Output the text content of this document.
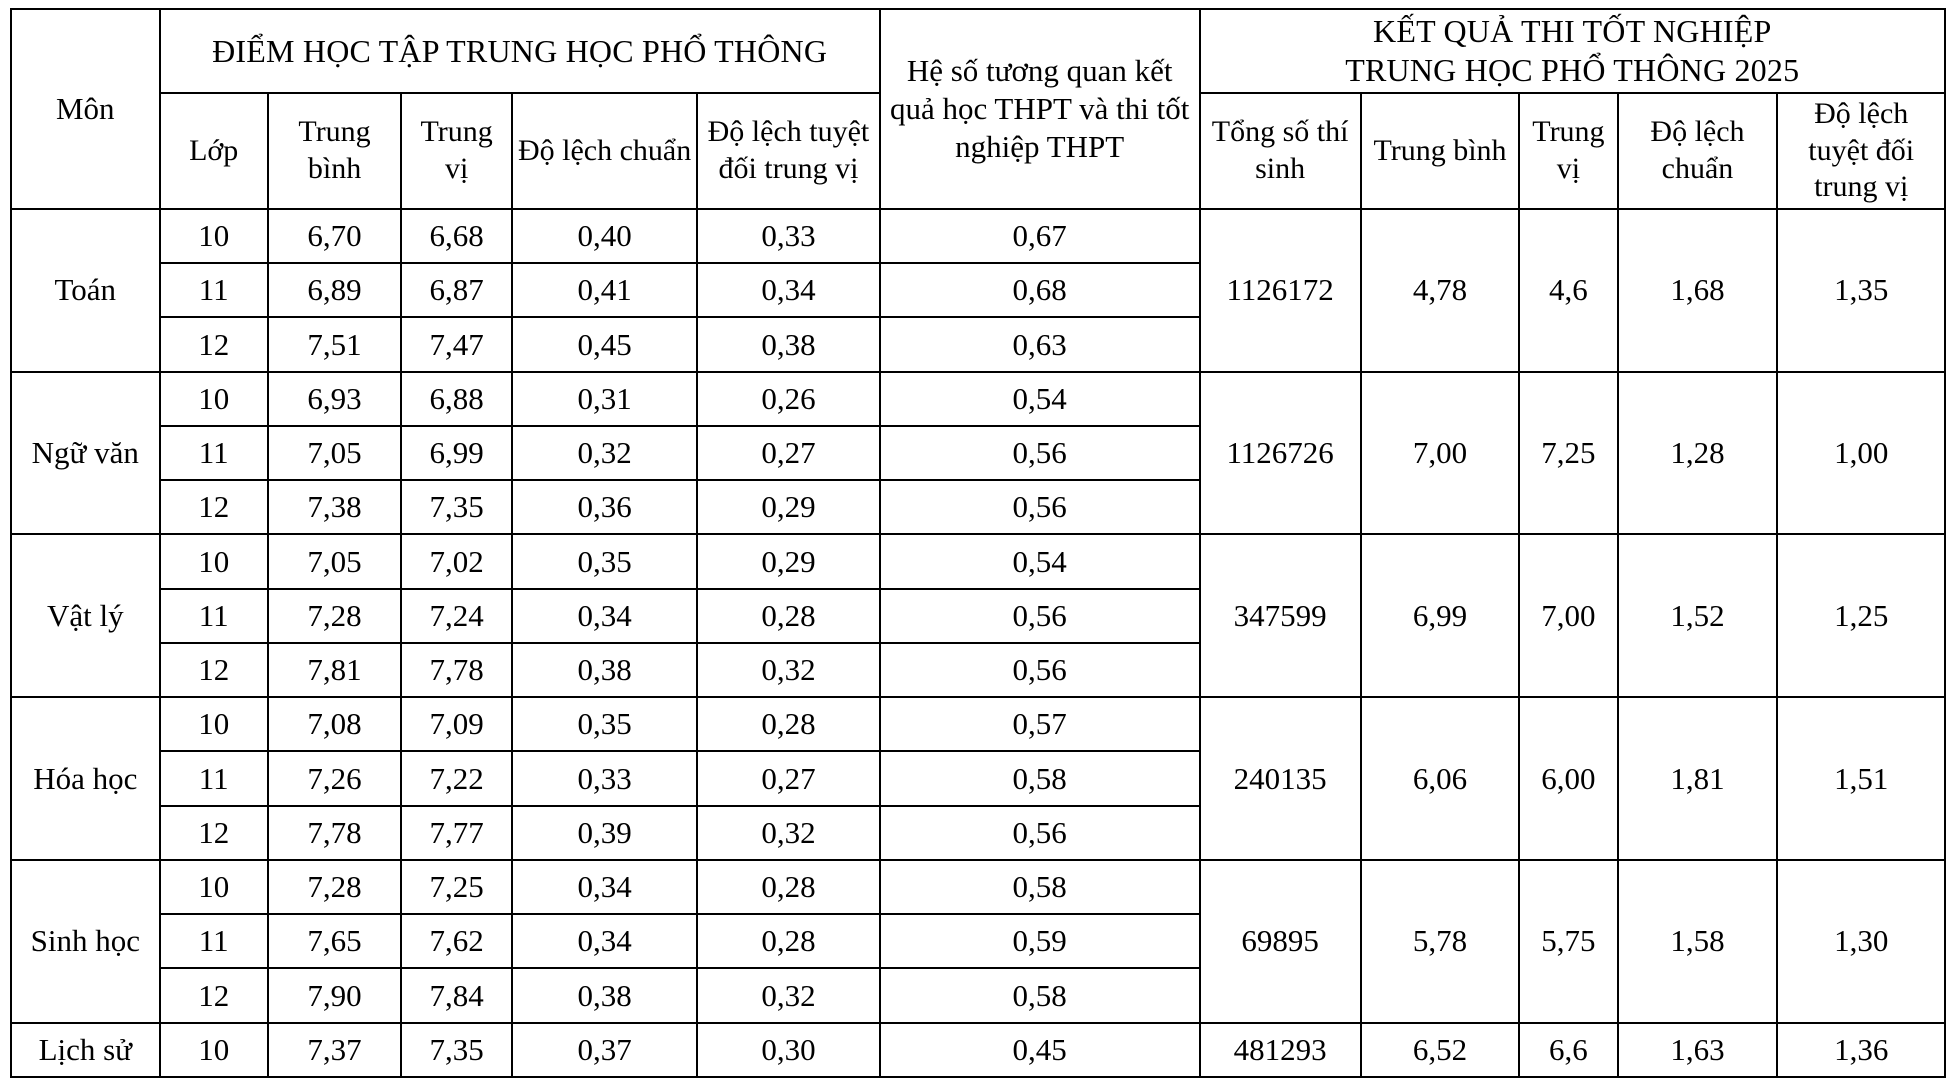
Môn	ĐIỂM HỌC TẬP TRUNG HỌC PHỔ THÔNG					Hệ số tương quan kết quả học THPT và thi tốt nghiệp THPT	KẾT QUẢ THI TỐT NGHIỆP
TRUNG HỌC PHỔ THÔNG 2025				

	Lớp	Trung bình	Trung vị	Độ lệch chuẩn	Độ lệch tuyệt đối trung vị		Tổng số thí sinh	Trung bình	Trung vị	Độ lệch chuẩn	Độ lệch tuyệt đối trung vị
Toán	10	6,70	6,68	0,40	0,33	0,67	1126172	4,78	4,6	1,68	1,35
	11	6,89	6,87	0,41	0,34	0,68					
	12	7,51	7,47	0,45	0,38	0,63					
Ngữ văn	10	6,93	6,88	0,31	0,26	0,54	1126726	7,00	7,25	1,28	1,00
	11	7,05	6,99	0,32	0,27	0,56					
	12	7,38	7,35	0,36	0,29	0,56					
Vật lý	10	7,05	7,02	0,35	0,29	0,54	347599	6,99	7,00	1,52	1,25
	11	7,28	7,24	0,34	0,28	0,56					
	12	7,81	7,78	0,38	0,32	0,56					
Hóa học	10	7,08	7,09	0,35	0,28	0,57	240135	6,06	6,00	1,81	1,51
	11	7,26	7,22	0,33	0,27	0,58					
	12	7,78	7,77	0,39	0,32	0,56					
Sinh học	10	7,28	7,25	0,34	0,28	0,58	69895	5,78	5,75	1,58	1,30
	11	7,65	7,62	0,34	0,28	0,59					
	12	7,90	7,84	0,38	0,32	0,58					
Lịch sử	10	7,37	7,35	0,37	0,30	0,45	481293	6,52	6,6	1,63	1,36
